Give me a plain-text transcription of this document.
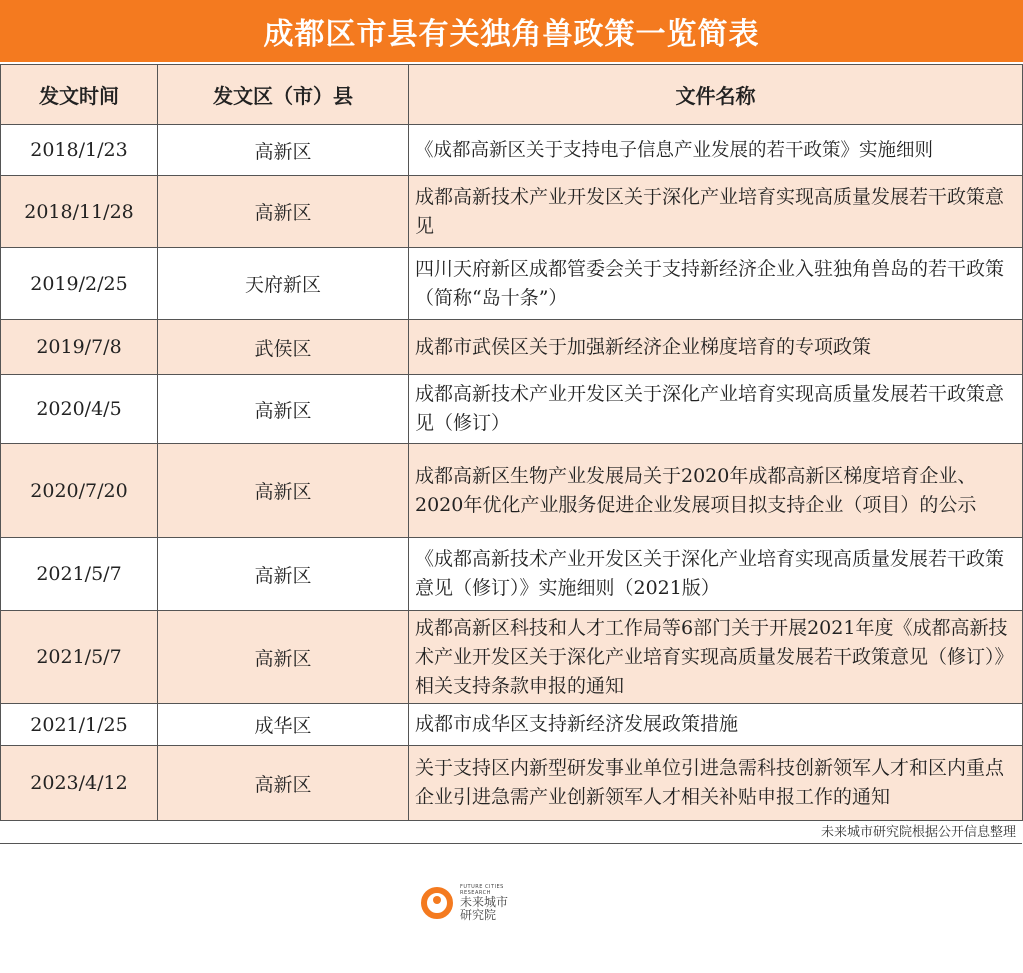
成都区市县有关独角兽政策一览简表
发文时间	发文区（市）县	文件名称
2018/1/23	高新区	《成都高新区关于支持电子信息产业发展的若干政策》实施细则
2018/11/28	高新区	成都高新技术产业开发区关于深化产业培育实现高质量发展若干政策意见
2019/2/25	天府新区	四川天府新区成都管委会关于支持新经济企业入驻独角兽岛的若干政策（简称“岛十条”）
2019/7/8	武侯区	成都市武侯区关于加强新经济企业梯度培育的专项政策
2020/4/5	高新区	成都高新技术产业开发区关于深化产业培育实现高质量发展若干政策意见（修订）
2020/7/20	高新区	成都高新区生物产业发展局关于2020年成都高新区梯度培育企业、2020年优化产业服务促进企业发展项目拟支持企业（项目）的公示
2021/5/7	高新区	《成都高新技术产业开发区关于深化产业培育实现高质量发展若干政策意见（修订）》实施细则（2021版）
2021/5/7	高新区	成都高新区科技和人才工作局等6部门关于开展2021年度《成都高新技术产业开发区关于深化产业培育实现高质量发展若干政策意见（修订）》相关支持条款申报的通知
2021/1/25	成华区	成都市成华区支持新经济发展政策措施
2023/4/12	高新区	关于支持区内新型研发事业单位引进急需科技创新领军人才和区内重点企业引进急需产业创新领军人才相关补贴申报工作的通知
未来城市研究院根据公开信息整理
FUTURE CITIES
RESEARCH
未来城市
研究院
